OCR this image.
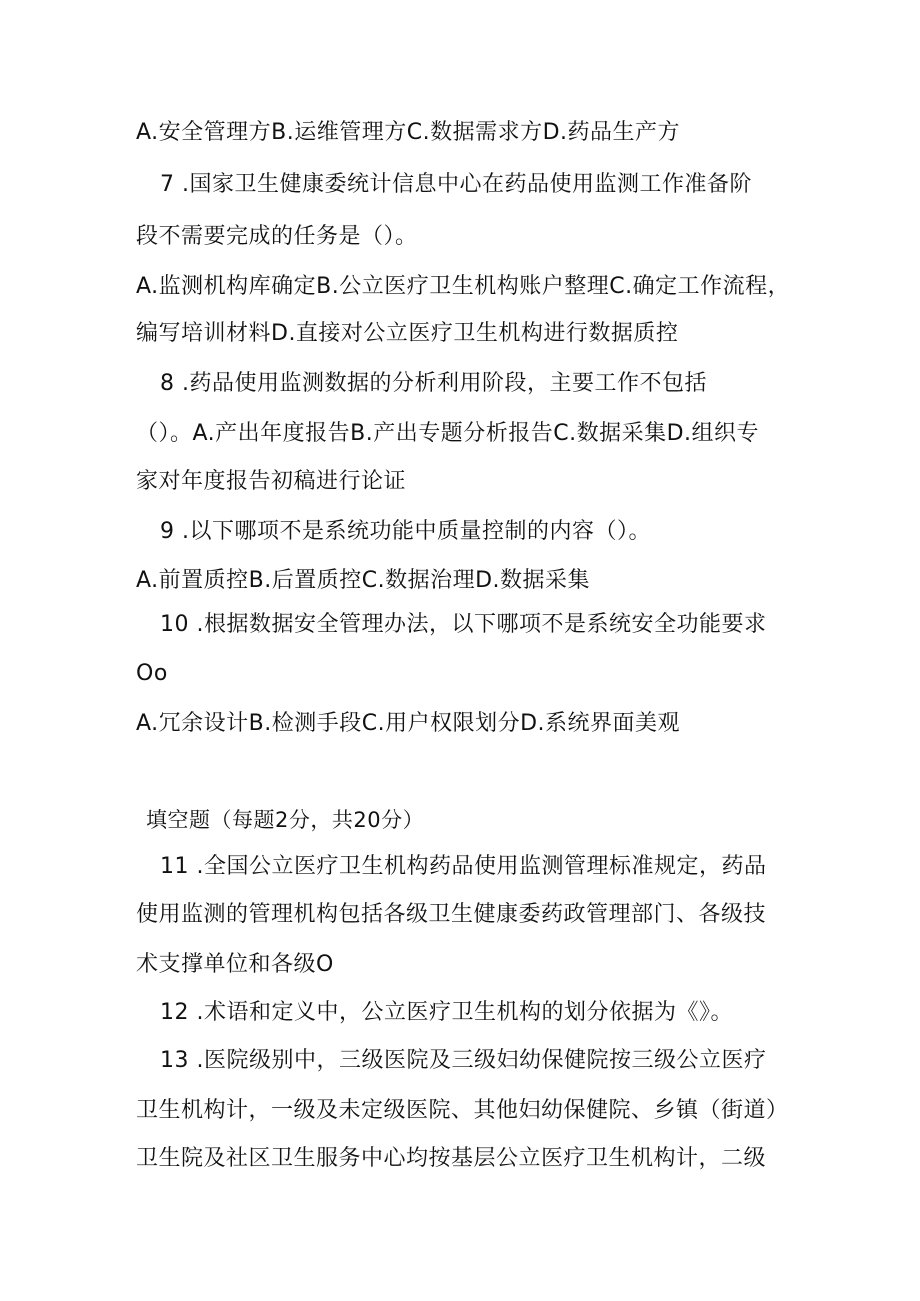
A.安全管理方B.运维管理方C.数据需求方D.药品生产方
7 .国家卫生健康委统计信息中心在药品使用监测工作准备阶
段不需要完成的任务是（）。
A.监测机构库确定B.公立医疗卫生机构账户整理C.确定工作流程，
编写培训材料D.直接对公立医疗卫生机构进行数据质控
8 .药品使用监测数据的分析利用阶段，主要工作不包括
（）。A.产出年度报告B.产出专题分析报告C.数据采集D.组织专
家对年度报告初稿进行论证
9 .以下哪项不是系统功能中质量控制的内容（）。
A.前置质控B.后置质控C.数据治理D.数据采集
10 .根据数据安全管理办法，以下哪项不是系统安全功能要求
Oo
A.冗余设计B.检测手段C.用户权限划分D.系统界面美观
填空题（每题2分，共20分）
11 .全国公立医疗卫生机构药品使用监测管理标准规定，药品
使用监测的管理机构包括各级卫生健康委药政管理部门、各级技
术支撑单位和各级O
12 .术语和定义中，公立医疗卫生机构的划分依据为《》。
13 .医院级别中，三级医院及三级妇幼保健院按三级公立医疗
卫生机构计，一级及未定级医院、其他妇幼保健院、乡镇（街道）
卫生院及社区卫生服务中心均按基层公立医疗卫生机构计，二级
